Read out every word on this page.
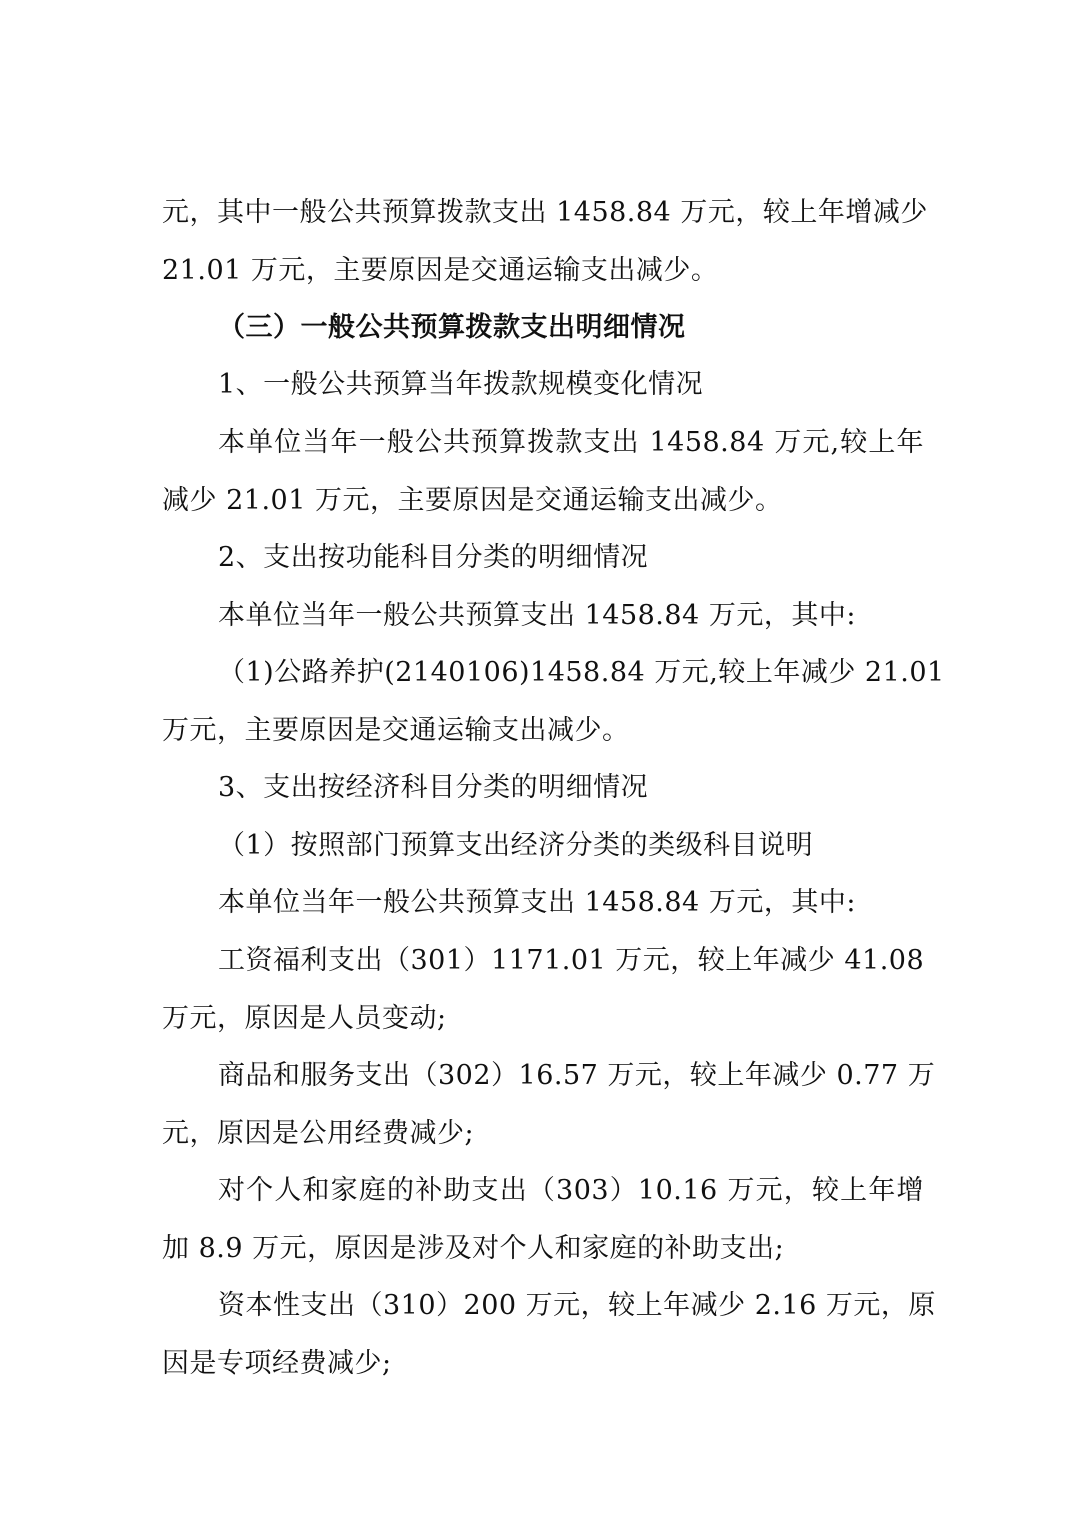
元，其中一般公共预算拨款支出 1458.84 万元，较上年增减少
21.01 万元，主要原因是交通运输支出减少。
（三）一般公共预算拨款支出明细情况
1、一般公共预算当年拨款规模变化情况
本单位当年一般公共预算拨款支出 1458.84 万元,较上年
减少 21.01 万元，主要原因是交通运输支出减少。
2、支出按功能科目分类的明细情况
本单位当年一般公共预算支出 1458.84 万元，其中:
（1)公路养护(2140106)1458.84 万元,较上年减少 21.01
万元，主要原因是交通运输支出减少。
3、支出按经济科目分类的明细情况
（1）按照部门预算支出经济分类的类级科目说明
本单位当年一般公共预算支出 1458.84 万元，其中:
工资福利支出（301）1171.01 万元，较上年减少 41.08
万元，原因是人员变动;
商品和服务支出（302）16.57 万元，较上年减少 0.77 万
元，原因是公用经费减少;
对个人和家庭的补助支出（303）10.16 万元，较上年增
加 8.9 万元，原因是涉及对个人和家庭的补助支出;
资本性支出（310）200 万元，较上年减少 2.16 万元，原
因是专项经费减少;
